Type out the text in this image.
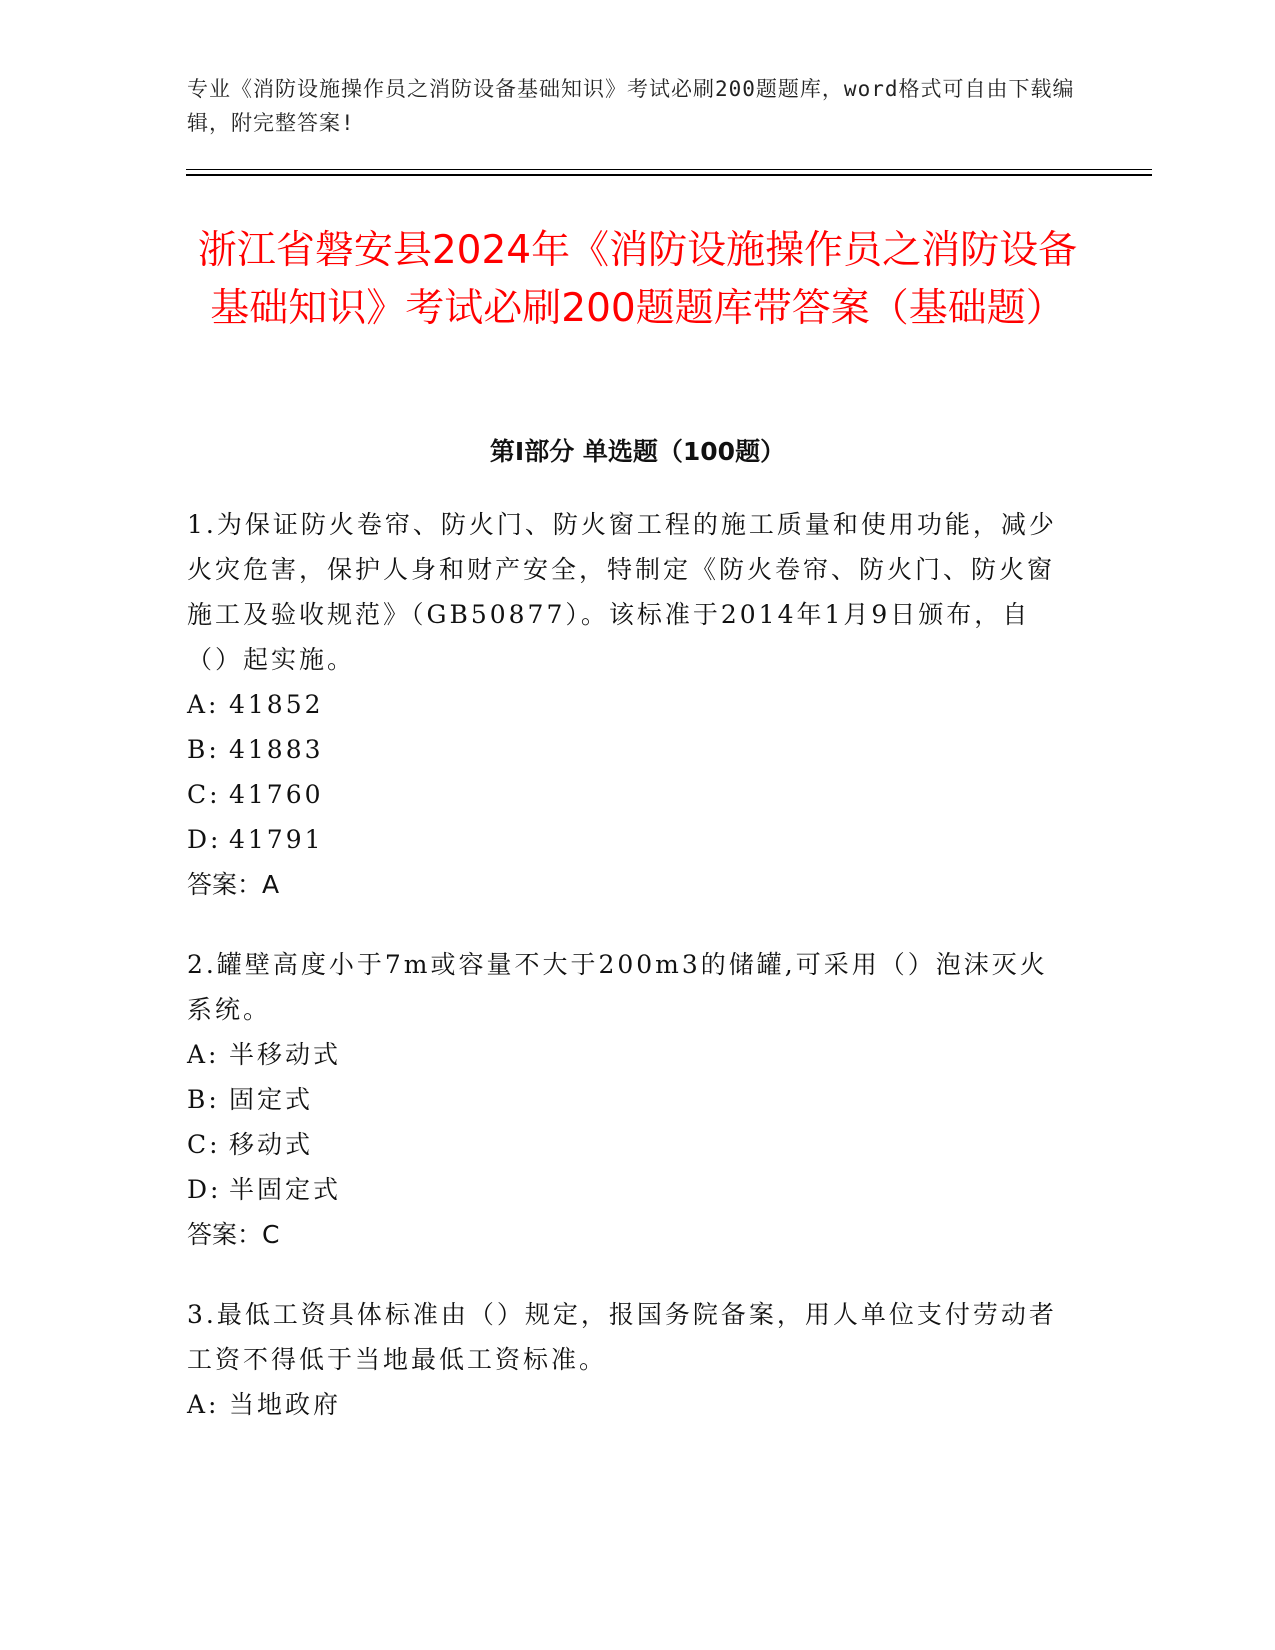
专业《消防设施操作员之消防设备基础知识》考试必刷200题题库，word格式可自由下载编辑，附完整答案!
浙江省磐安县2024年《消防设施操作员之消防设备基础知识》考试必刷200题题库带答案（基础题）
第I部分 单选题（100题）

1.为保证防火卷帘、防火门、防火窗工程的施工质量和使用功能，减少火灾危害，保护人身和财产安全，特制定《防火卷帘、防火门、防火窗施工及验收规范》（GB50877）。该标准于2014年1月9日颁布，自（）起实施。

A: 41852

B: 41883

C: 41760

D: 41791

答案：A

2.罐壁高度小于7m或容量不大于200m3的储罐,可采用（）泡沫灭火系统。

A: 半移动式

B: 固定式

C: 移动式

D: 半固定式

答案：C

3.最低工资具体标准由（）规定，报国务院备案，用人单位支付劳动者工资不得低于当地最低工资标准。

A: 当地政府
